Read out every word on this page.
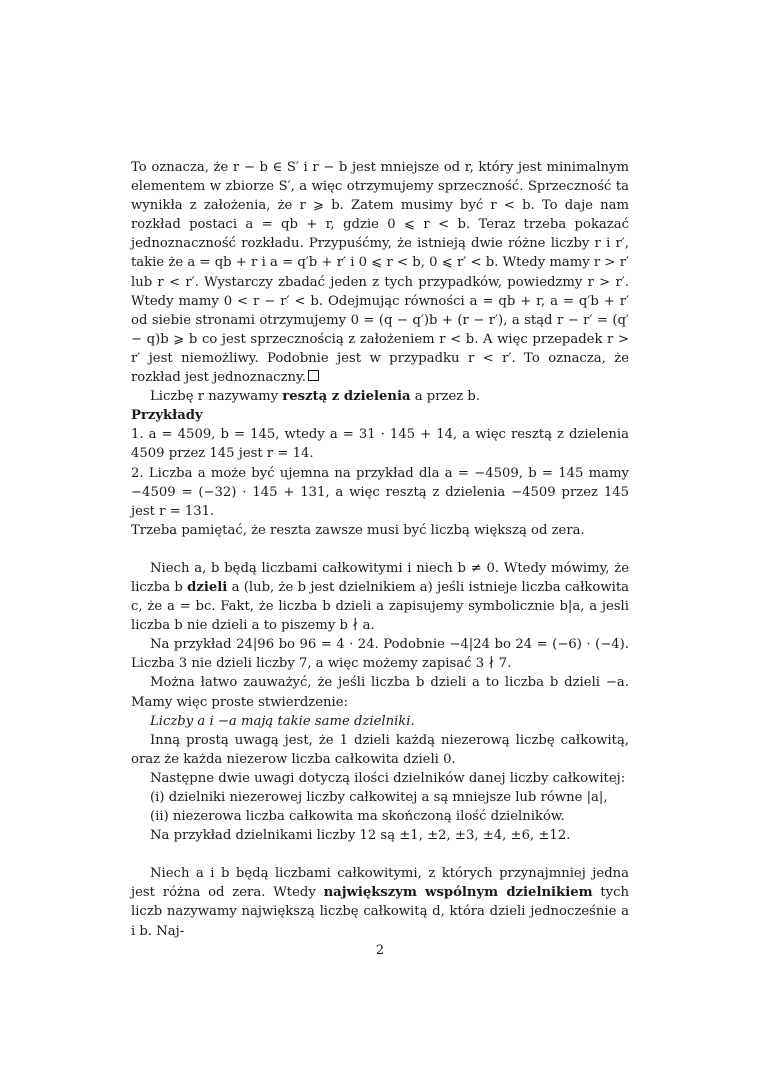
To oznacza, że r − b ∈ S′ i r − b jest mniejsze od r, który jest minimalnym elementem w zbiorze S′, a więc otrzymujemy sprzeczność. Sprzeczność ta wynikła z założenia, że r ⩾ b. Zatem musimy być r < b. To daje nam rozkład postaci a = qb + r, gdzie 0 ⩽ r < b. Teraz trzeba pokazać jednoznaczność rozkładu. Przypuśćmy, że istnieją dwie różne liczby r i r′, takie że a = qb + r i a = q′b + r′ i 0 ⩽ r < b, 0 ⩽ r′ < b. Wtedy mamy r > r′ lub r < r′. Wystarczy zbadać jeden z tych przypadków, powiedzmy r > r′. Wtedy mamy 0 < r − r′ < b. Odejmując równości a = qb + r, a = q′b + r′ od siebie stronami otrzymujemy 0 = (q − q′)b + (r − r′), a stąd r − r′ = (q′ − q)b ⩾ b co jest sprzecznością z założeniem r < b. A więc przepadek r > r′ jest niemożliwy. Podobnie jest w przypadku r < r′. To oznacza, że rozkład jest jednoznaczny.

Liczbę r nazywamy resztą z dzielenia a przez b.

Przykłady

1. a = 4509, b = 145, wtedy a = 31 · 145 + 14, a więc resztą z dzielenia 4509 przez 145 jest r = 14.

2. Liczba a może być ujemna na przykład dla a = −4509, b = 145 mamy −4509 = (−32) · 145 + 131, a więc resztą z dzielenia −4509 przez 145 jest r = 131.

Trzeba pamiętać, że reszta zawsze musi być liczbą większą od zera.

Niech a, b będą liczbami całkowitymi i niech b ≠ 0. Wtedy mówimy, że liczba b dzieli a (lub, że b jest dzielnikiem a) jeśli istnieje liczba całkowita c, że a = bc. Fakt, że liczba b dzieli a zapisujemy symbolicznie b|a, a jesli liczba b nie dzieli a to piszemy b ∤ a.

Na przykład 24|96 bo 96 = 4 · 24. Podobnie −4|24 bo 24 = (−6) · (−4). Liczba 3 nie dzieli liczby 7, a więc możemy zapisać 3 ∤ 7.

Można łatwo zauważyć, że jeśli liczba b dzieli a to liczba b dzieli −a. Mamy więc proste stwierdzenie:

Liczby a i −a mają takie same dzielniki.

Inną prostą uwagą jest, że 1 dzieli każdą niezerową liczbę całkowitą, oraz że każda niezerow liczba całkowita dzieli 0.

Następne dwie uwagi dotyczą ilości dzielników danej liczby całkowitej:

(i) dzielniki niezerowej liczby całkowitej a są mniejsze lub równe |a|,

(ii) niezerowa liczba całkowita ma skończoną ilość dzielników.

Na przykład dzielnikami liczby 12 są ±1, ±2, ±3, ±4, ±6, ±12.

Niech a i b będą liczbami całkowitymi, z których przynajmniej jedna jest różna od zera. Wtedy największym wspólnym dzielnikiem tych liczb nazywamy największą liczbę całkowitą d, która dzieli jednocześnie a i b. Naj-

2
